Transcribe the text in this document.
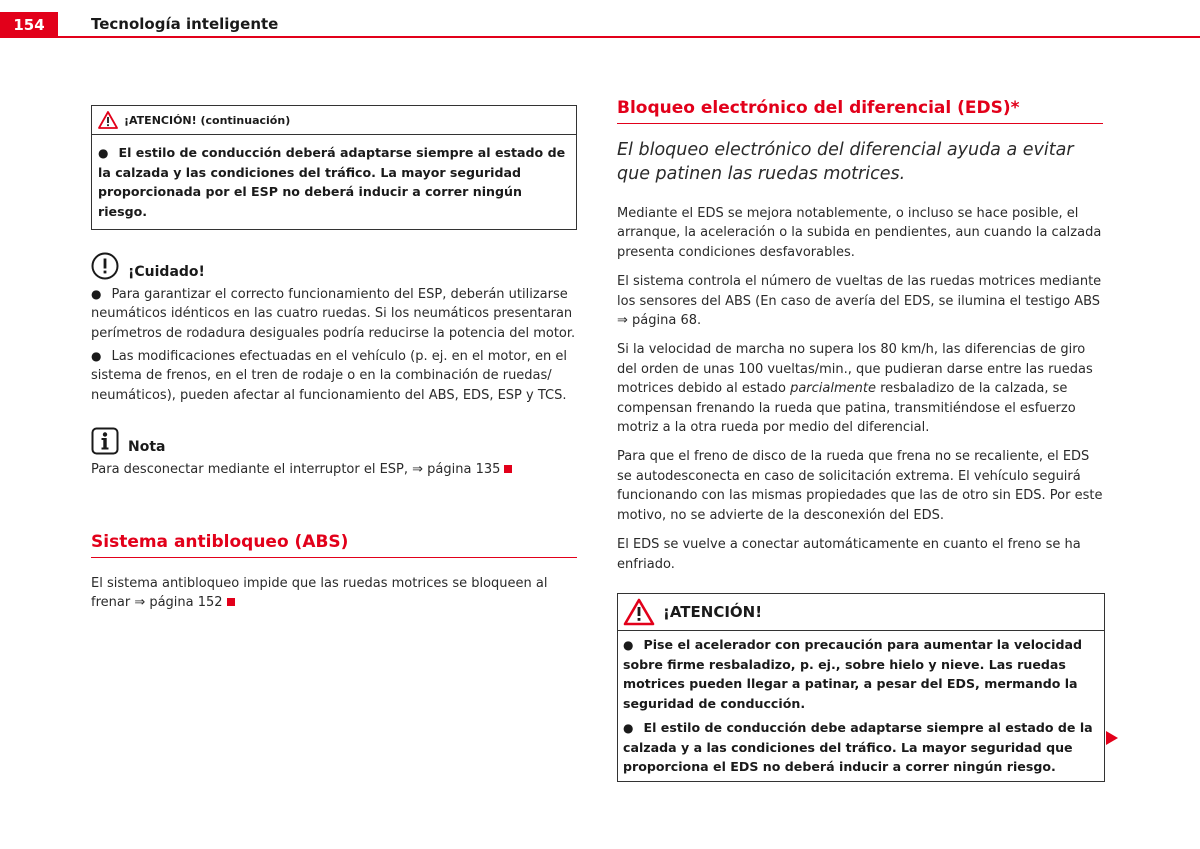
154	Tecnología inteligente
¡ATENCIÓN! (continuación)

● El estilo de conducción deberá adaptarse siempre al estado de la calzada y las condiciones del tráfico. La mayor seguridad proporcionada por el ESP no deberá inducir a correr ningún riesgo.

¡Cuidado!

● Para garantizar el correcto funcionamiento del ESP, deberán utilizarse neumáticos idénticos en las cuatro ruedas. Si los neumáticos presentaran perímetros de rodadura desiguales podría reducirse la potencia del motor.

● Las modificaciones efectuadas en el vehículo (p. ej. en el motor, en el sistema de frenos, en el tren de rodaje o en la combinación de ruedas/ neumáticos), pueden afectar al funcionamiento del ABS, EDS, ESP y TCS.

Nota

Para desconectar mediante el interruptor el ESP, ⇒ página 135

Sistema antibloqueo (ABS)

El sistema antibloqueo impide que las ruedas motrices se bloqueen al frenar ⇒ página 152

Bloqueo electrónico del diferencial (EDS)*
El bloqueo electrónico del diferencial ayuda a evitar que patinen las ruedas motrices.

Mediante el EDS se mejora notablemente, o incluso se hace posible, el arranque, la aceleración o la subida en pendientes, aun cuando la calzada presenta condiciones desfavorables.

El sistema controla el número de vueltas de las ruedas motrices mediante los sensores del ABS (En caso de avería del EDS, se ilumina el testigo ABS ⇒ página 68.

Si la velocidad de marcha no supera los 80 km/h, las diferencias de giro del orden de unas 100 vueltas/min., que pudieran darse entre las ruedas motrices debido al estado parcialmente resbaladizo de la calzada, se compensan frenando la rueda que patina, transmitiéndose el esfuerzo motriz a la otra rueda por medio del diferencial.

Para que el freno de disco de la rueda que frena no se recaliente, el EDS se autodesconecta en caso de solicitación extrema. El vehículo seguirá funcionando con las mismas propiedades que las de otro sin EDS. Por este motivo, no se advierte de la desconexión del EDS.

El EDS se vuelve a conectar automáticamente en cuanto el freno se ha enfriado.

¡ATENCIÓN!

● Pise el acelerador con precaución para aumentar la velocidad sobre firme resbaladizo, p. ej., sobre hielo y nieve. Las ruedas motrices pueden llegar a patinar, a pesar del EDS, mermando la seguridad de conducción.

● El estilo de conducción debe adaptarse siempre al estado de la calzada y a las condiciones del tráfico. La mayor seguridad que proporciona el EDS no deberá inducir a correr ningún riesgo.
